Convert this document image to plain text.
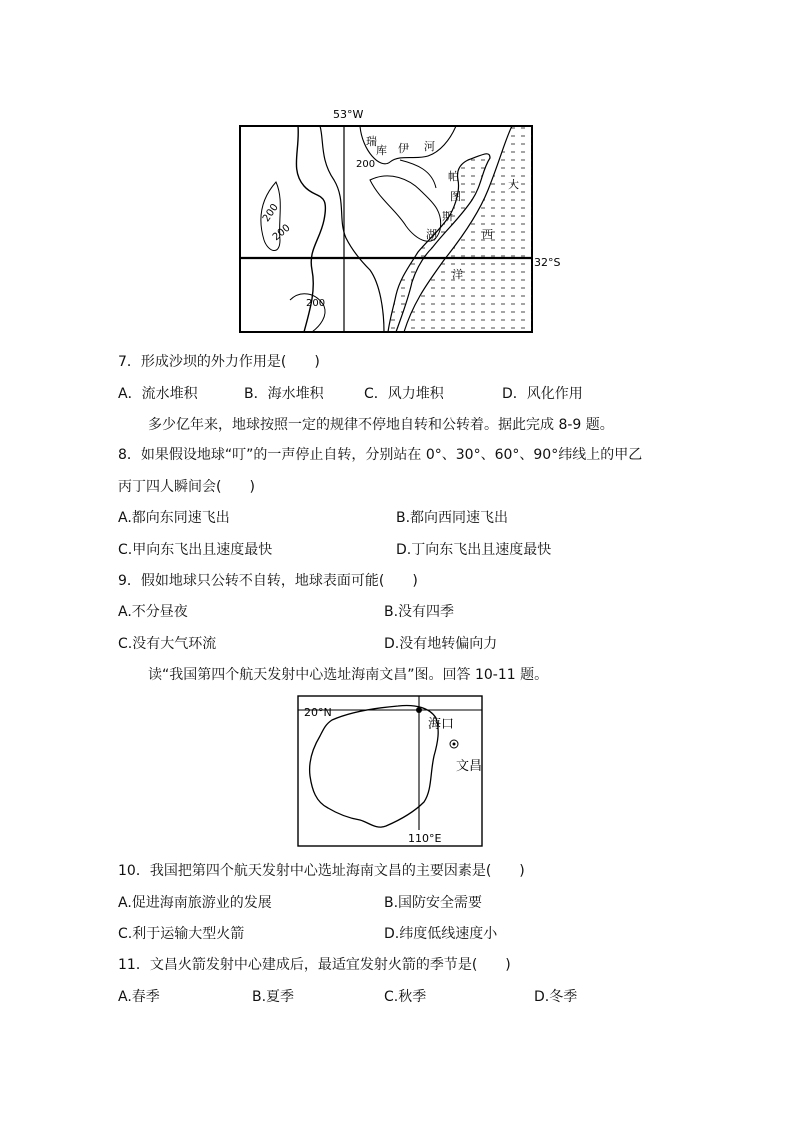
53°W
32°S
200
200
200
200
瑞
库 伊 河
帕
图
斯
湖
大
西
洋
7．形成沙坝的外力作用是(　　)
A．流水堆积	B．海水堆积	C．风力堆积	D．风化作用
多少亿年来，地球按照一定的规律不停地自转和公转着。据此完成 8-9 题。
8．如果假设地球“叮”的一声停止自转，分别站在 0°、30°、60°、90°纬线上的甲乙
丙丁四人瞬间会(　　)
A.都向东同速飞出	B.都向西同速飞出
C.甲向东飞出且速度最快	D.丁向东飞出且速度最快
9．假如地球只公转不自转，地球表面可能(　　)
A.不分昼夜	B.没有四季
C.没有大气环流	D.没有地转偏向力
读“我国第四个航天发射中心选址海南文昌”图。回答 10-11 题。
20°N
110°E
海口
文昌
10．我国把第四个航天发射中心选址海南文昌的主要因素是(　　)
A.促进海南旅游业的发展	B.国防安全需要
C.利于运输大型火箭	D.纬度低线速度小
11．文昌火箭发射中心建成后，最适宜发射火箭的季节是(　　)
A.春季	B.夏季	C.秋季	D.冬季
